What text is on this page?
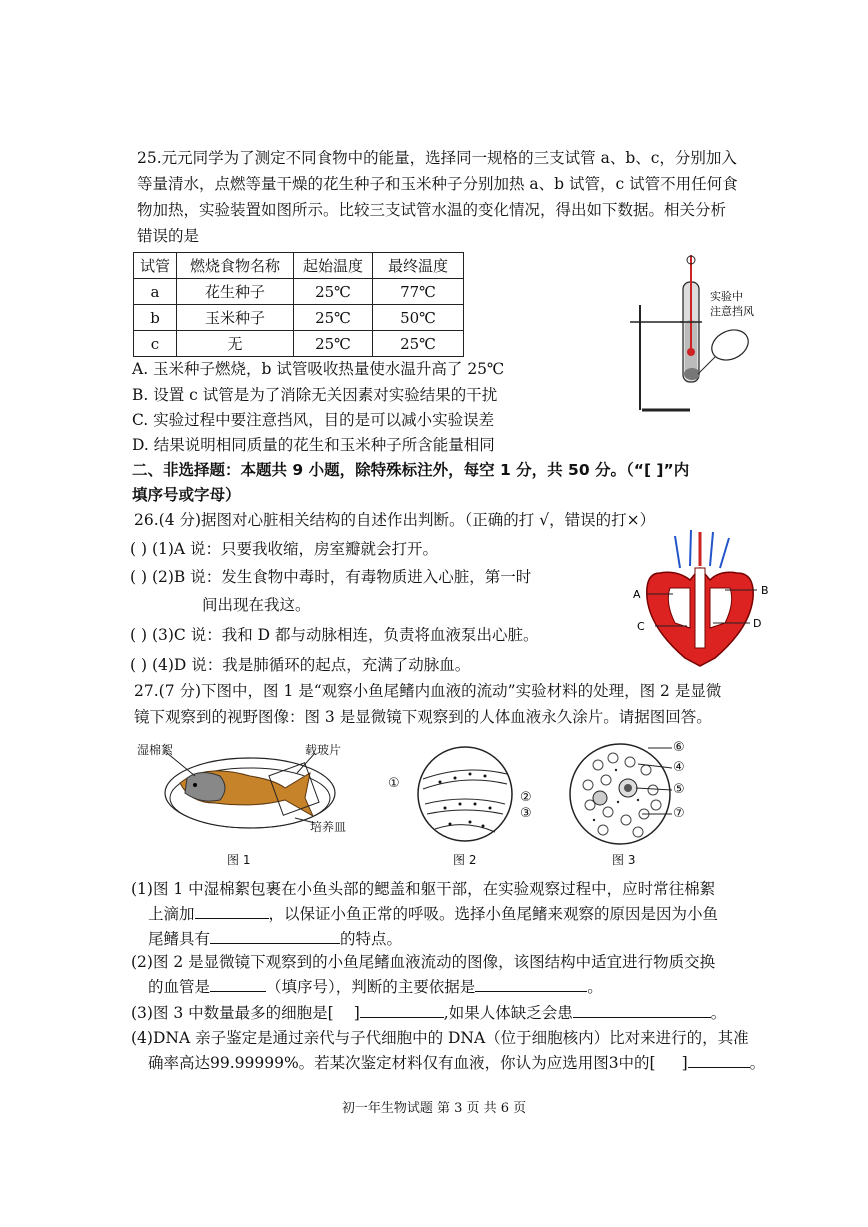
25.元元同学为了测定不同食物中的能量，选择同一规格的三支试管 a、b、c，分别加入
等量清水，点燃等量干燥的花生种子和玉米种子分别加热 a、b 试管，c 试管不用任何食
物加热，实验装置如图所示。比较三支试管水温的变化情况，得出如下数据。相关分析
错误的是
试管	燃烧食物名称	起始温度	最终温度
a	花生种子	25℃	77℃
b	玉米种子	25℃	50℃
c	无	25℃	25℃
实验中
注意挡风
A. 玉米种子燃烧，b 试管吸收热量使水温升高了 25℃
B. 设置 c 试管是为了消除无关因素对实验结果的干扰
C. 实验过程中要注意挡风，目的是可以减小实验误差
D. 结果说明相同质量的花生和玉米种子所含能量相同
二、非选择题：本题共 9 小题，除特殊标注外，每空 1 分，共 50 分。（“[ ]”内
填序号或字母）
26.(4 分)据图对心脏相关结构的自述作出判断。（正确的打 √，错误的打×）
( ) (1)A 说：只要我收缩，房室瓣就会打开。
( ) (2)B 说：发生食物中毒时，有毒物质进入心脏，第一时
间出现在我这。
( ) (3)C 说：我和 D 都与动脉相连，负责将血液泵出心脏。
( ) (4)D 说：我是肺循环的起点，充满了动脉血。
A	B
C	D
27.(7 分)下图中，图 1 是“观察小鱼尾鳍内血液的流动”实验材料的处理，图 2 是显微
镜下观察到的视野图像：图 3 是显微镜下观察到的人体血液永久涂片。请据图回答。
湿棉絮	载玻片
培养皿
①
②
③
⑥
④
⑤
⑦
图 1	图 2	图 3
(1)图 1 中湿棉絮包裹在小鱼头部的鳃盖和躯干部，在实验观察过程中，应时常往棉絮
上滴加	，以保证小鱼正常的呼吸。选择小鱼尾鳍来观察的原因是因为小鱼
尾鳍具有	的特点。
(2)图 2 是显微镜下观察到的小鱼尾鳍血液流动的图像，该图结构中适宜进行物质交换
的血管是	（填序号），判断的主要依据是	。
(3)图 3 中数量最多的细胞是[ ]	,如果人体缺乏会患	。
(4)DNA 亲子鉴定是通过亲代与子代细胞中的 DNA（位于细胞核内）比对来进行的，其准
确率高达99.99999%。若某次鉴定材料仅有血液，你认为应选用图3中的[ ]	。
初一年生物试题 第 3 页 共 6 页
